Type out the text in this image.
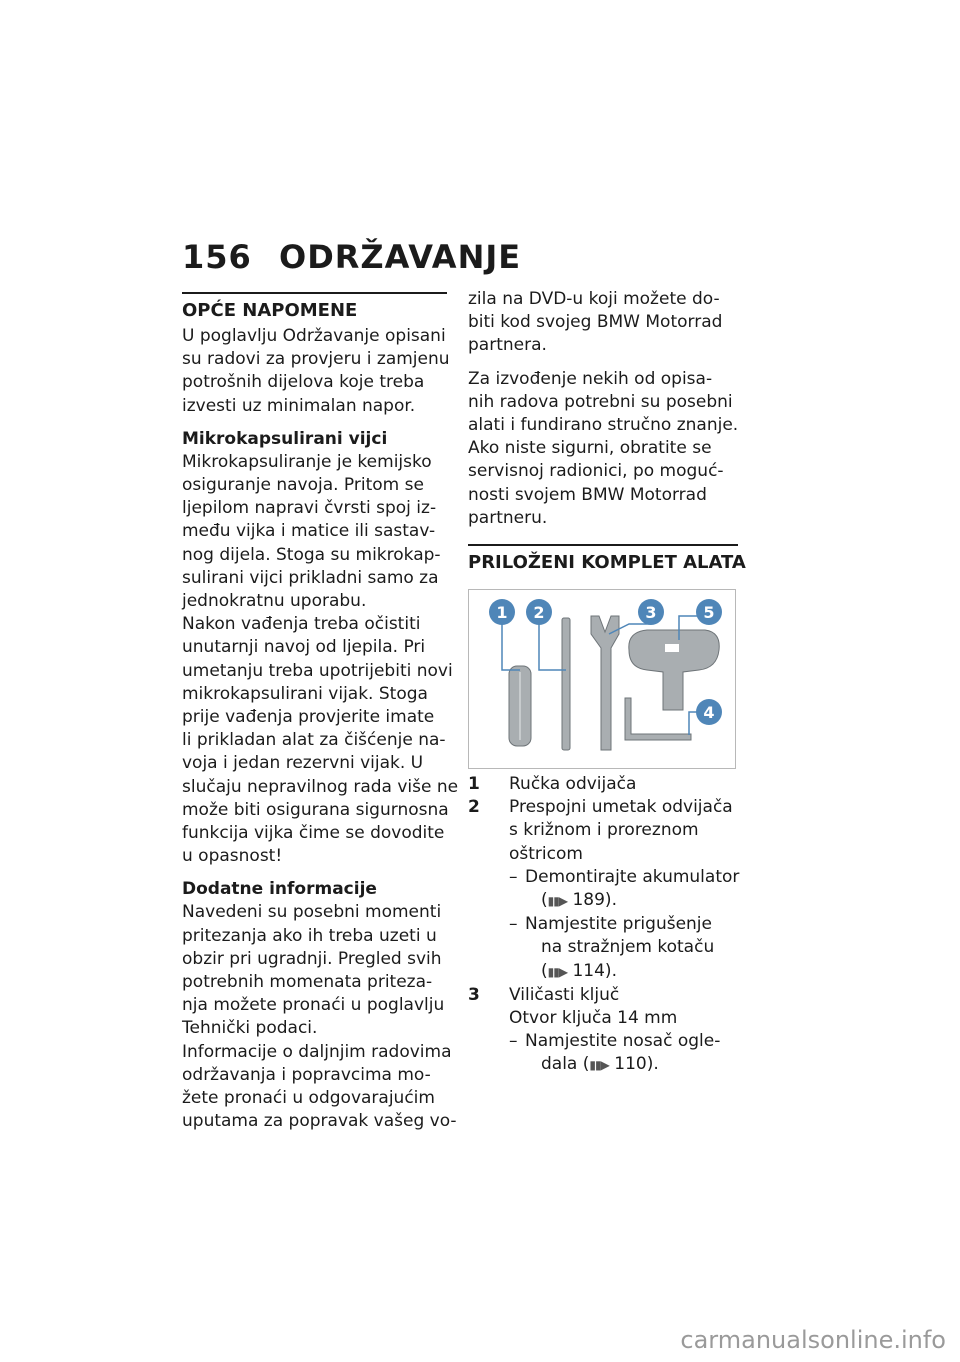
156 ODRŽAVANJE
OPĆE NAPOMENE

U poglavlju Održavanje opisani
su radovi za provjeru i zamjenu
potrošnih dijelova koje treba
izvesti uz minimalan napor.

Mikrokapsulirani vijci

Mikrokapsuliranje je kemijsko
osiguranje navoja. Pritom se
ljepilom napravi čvrsti spoj iz-
među vijka i matice ili sastav-
nog dijela. Stoga su mikrokap-
sulirani vijci prikladni samo za
jednokratnu uporabu.
Nakon vađenja treba očistiti
unutarnji navoj od ljepila. Pri
umetanju treba upotrijebiti novi
mikrokapsulirani vijak. Stoga
prije vađenja provjerite imate
li prikladan alat za čišćenje na-
voja i jedan rezervni vijak. U
slučaju nepravilnog rada više ne
može biti osigurana sigurnosna
funkcija vijka čime se dovodite
u opasnost!

Dodatne informacije

Navedeni su posebni momenti
pritezanja ako ih treba uzeti u
obzir pri ugradnji. Pregled svih
potrebnih momenata priteza-
nja možete pronaći u poglavlju
Tehnički podaci.
Informacije o daljnjim radovima
održavanja i popravcima mo-
žete pronaći u odgovarajućim
uputama za popravak vašeg vo-

zila na DVD-u koji možete do-
biti kod svojeg BMW Motorrad
partnera.

Za izvođenje nekih od opisa-
nih radova potrebni su posebni
alati i fundirano stručno znanje.
Ako niste sigurni, obratite se
servisnoj radionici, po moguć-
nosti svojem BMW Motorrad
partneru.

PRILOŽENI KOMPLET ALATA
1 2	3	5
4
1	Ručka odvijača
2	Prespojni umetak odvijača
s križnom i proreznom
oštricom
– Demontirajte akumulator
(▮▮▶ 189).
– Namjestite prigušenje
na stražnjem kotaču
(▮▮▶ 114).
3	Viličasti ključ
Otvor ključa 14 mm
– Namjestite nosač ogle-
dala (▮▮▶ 110).
carmanualsonline.info
